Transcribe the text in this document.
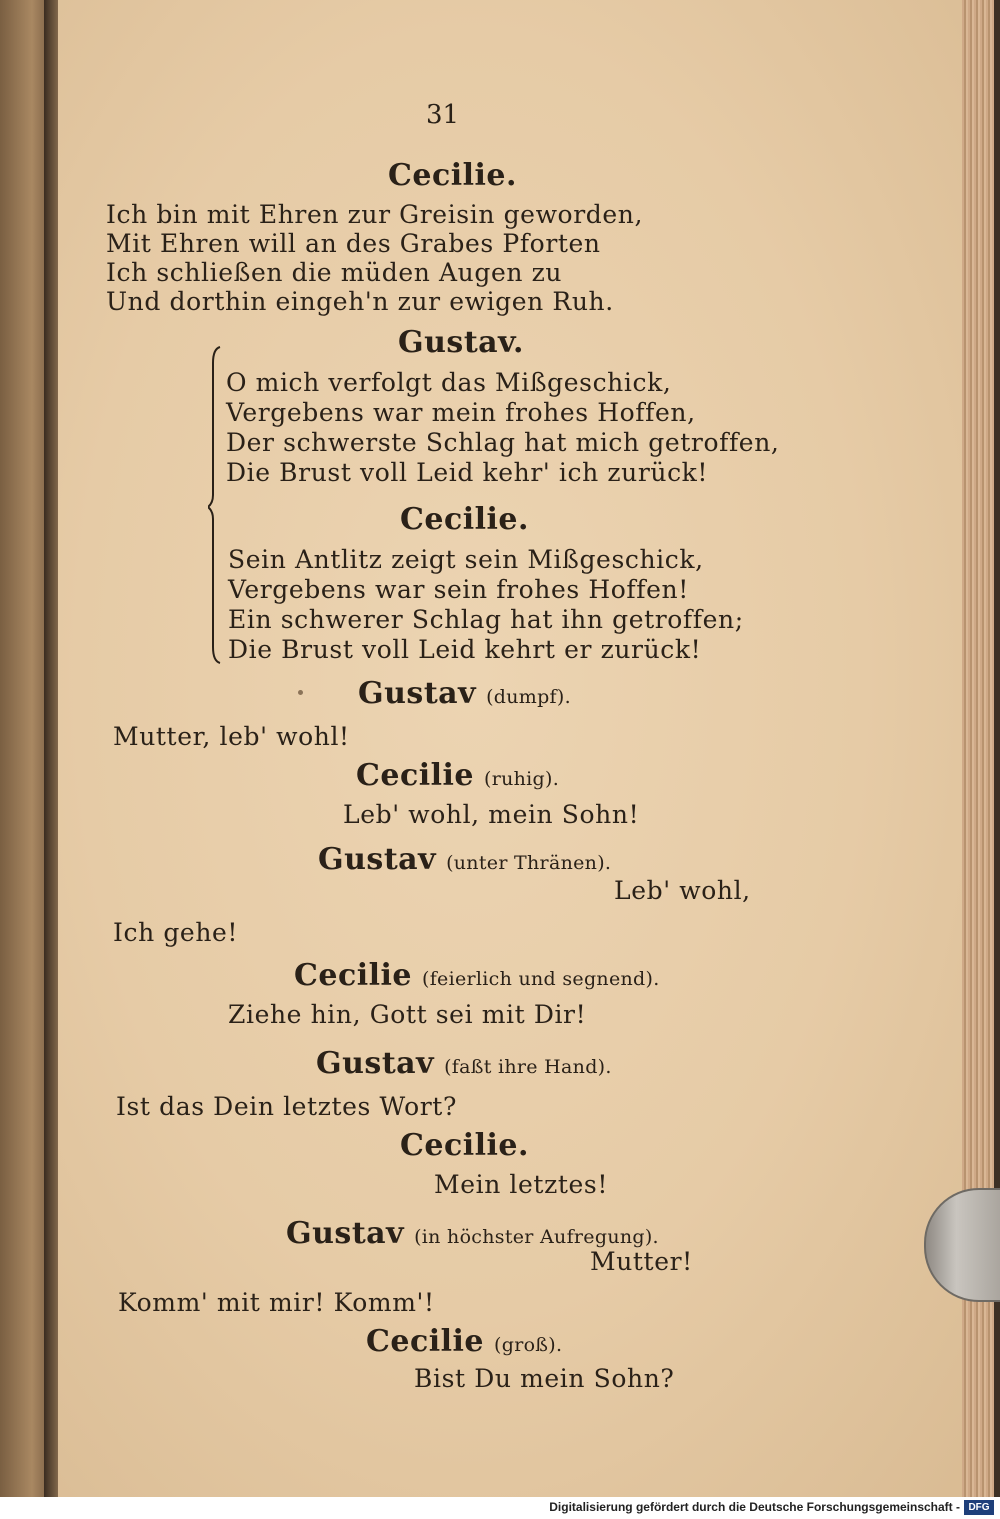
31
Cecilie.
Ich bin mit Ehren zur Greisin geworden,
Mit Ehren will an des Grabes Pforten
Ich schließen die müden Augen zu
Und dorthin eingeh'n zur ewigen Ruh.
Gustav.
O mich verfolgt das Mißgeschick,
Vergebens war mein frohes Hoffen,
Der schwerste Schlag hat mich getroffen,
Die Brust voll Leid kehr' ich zurück!
Cecilie.
Sein Antlitz zeigt sein Mißgeschick,
Vergebens war sein frohes Hoffen!
Ein schwerer Schlag hat ihn getroffen;
Die Brust voll Leid kehrt er zurück!
Gustav (dumpf).
Mutter, leb' wohl!
Cecilie (ruhig).
Leb' wohl, mein Sohn!
Gustav (unter Thränen).
Leb' wohl,
Ich gehe!
Cecilie (feierlich und segnend).
Ziehe hin, Gott sei mit Dir!
Gustav (faßt ihre Hand).
Ist das Dein letztes Wort?
Cecilie.
Mein letztes!
Gustav (in höchster Aufregung).
Mutter!
Komm' mit mir! Komm'!
Cecilie (groß).
Bist Du mein Sohn?
Digitalisierung gefördert durch die Deutsche Forschungsgemeinschaft - DFG
